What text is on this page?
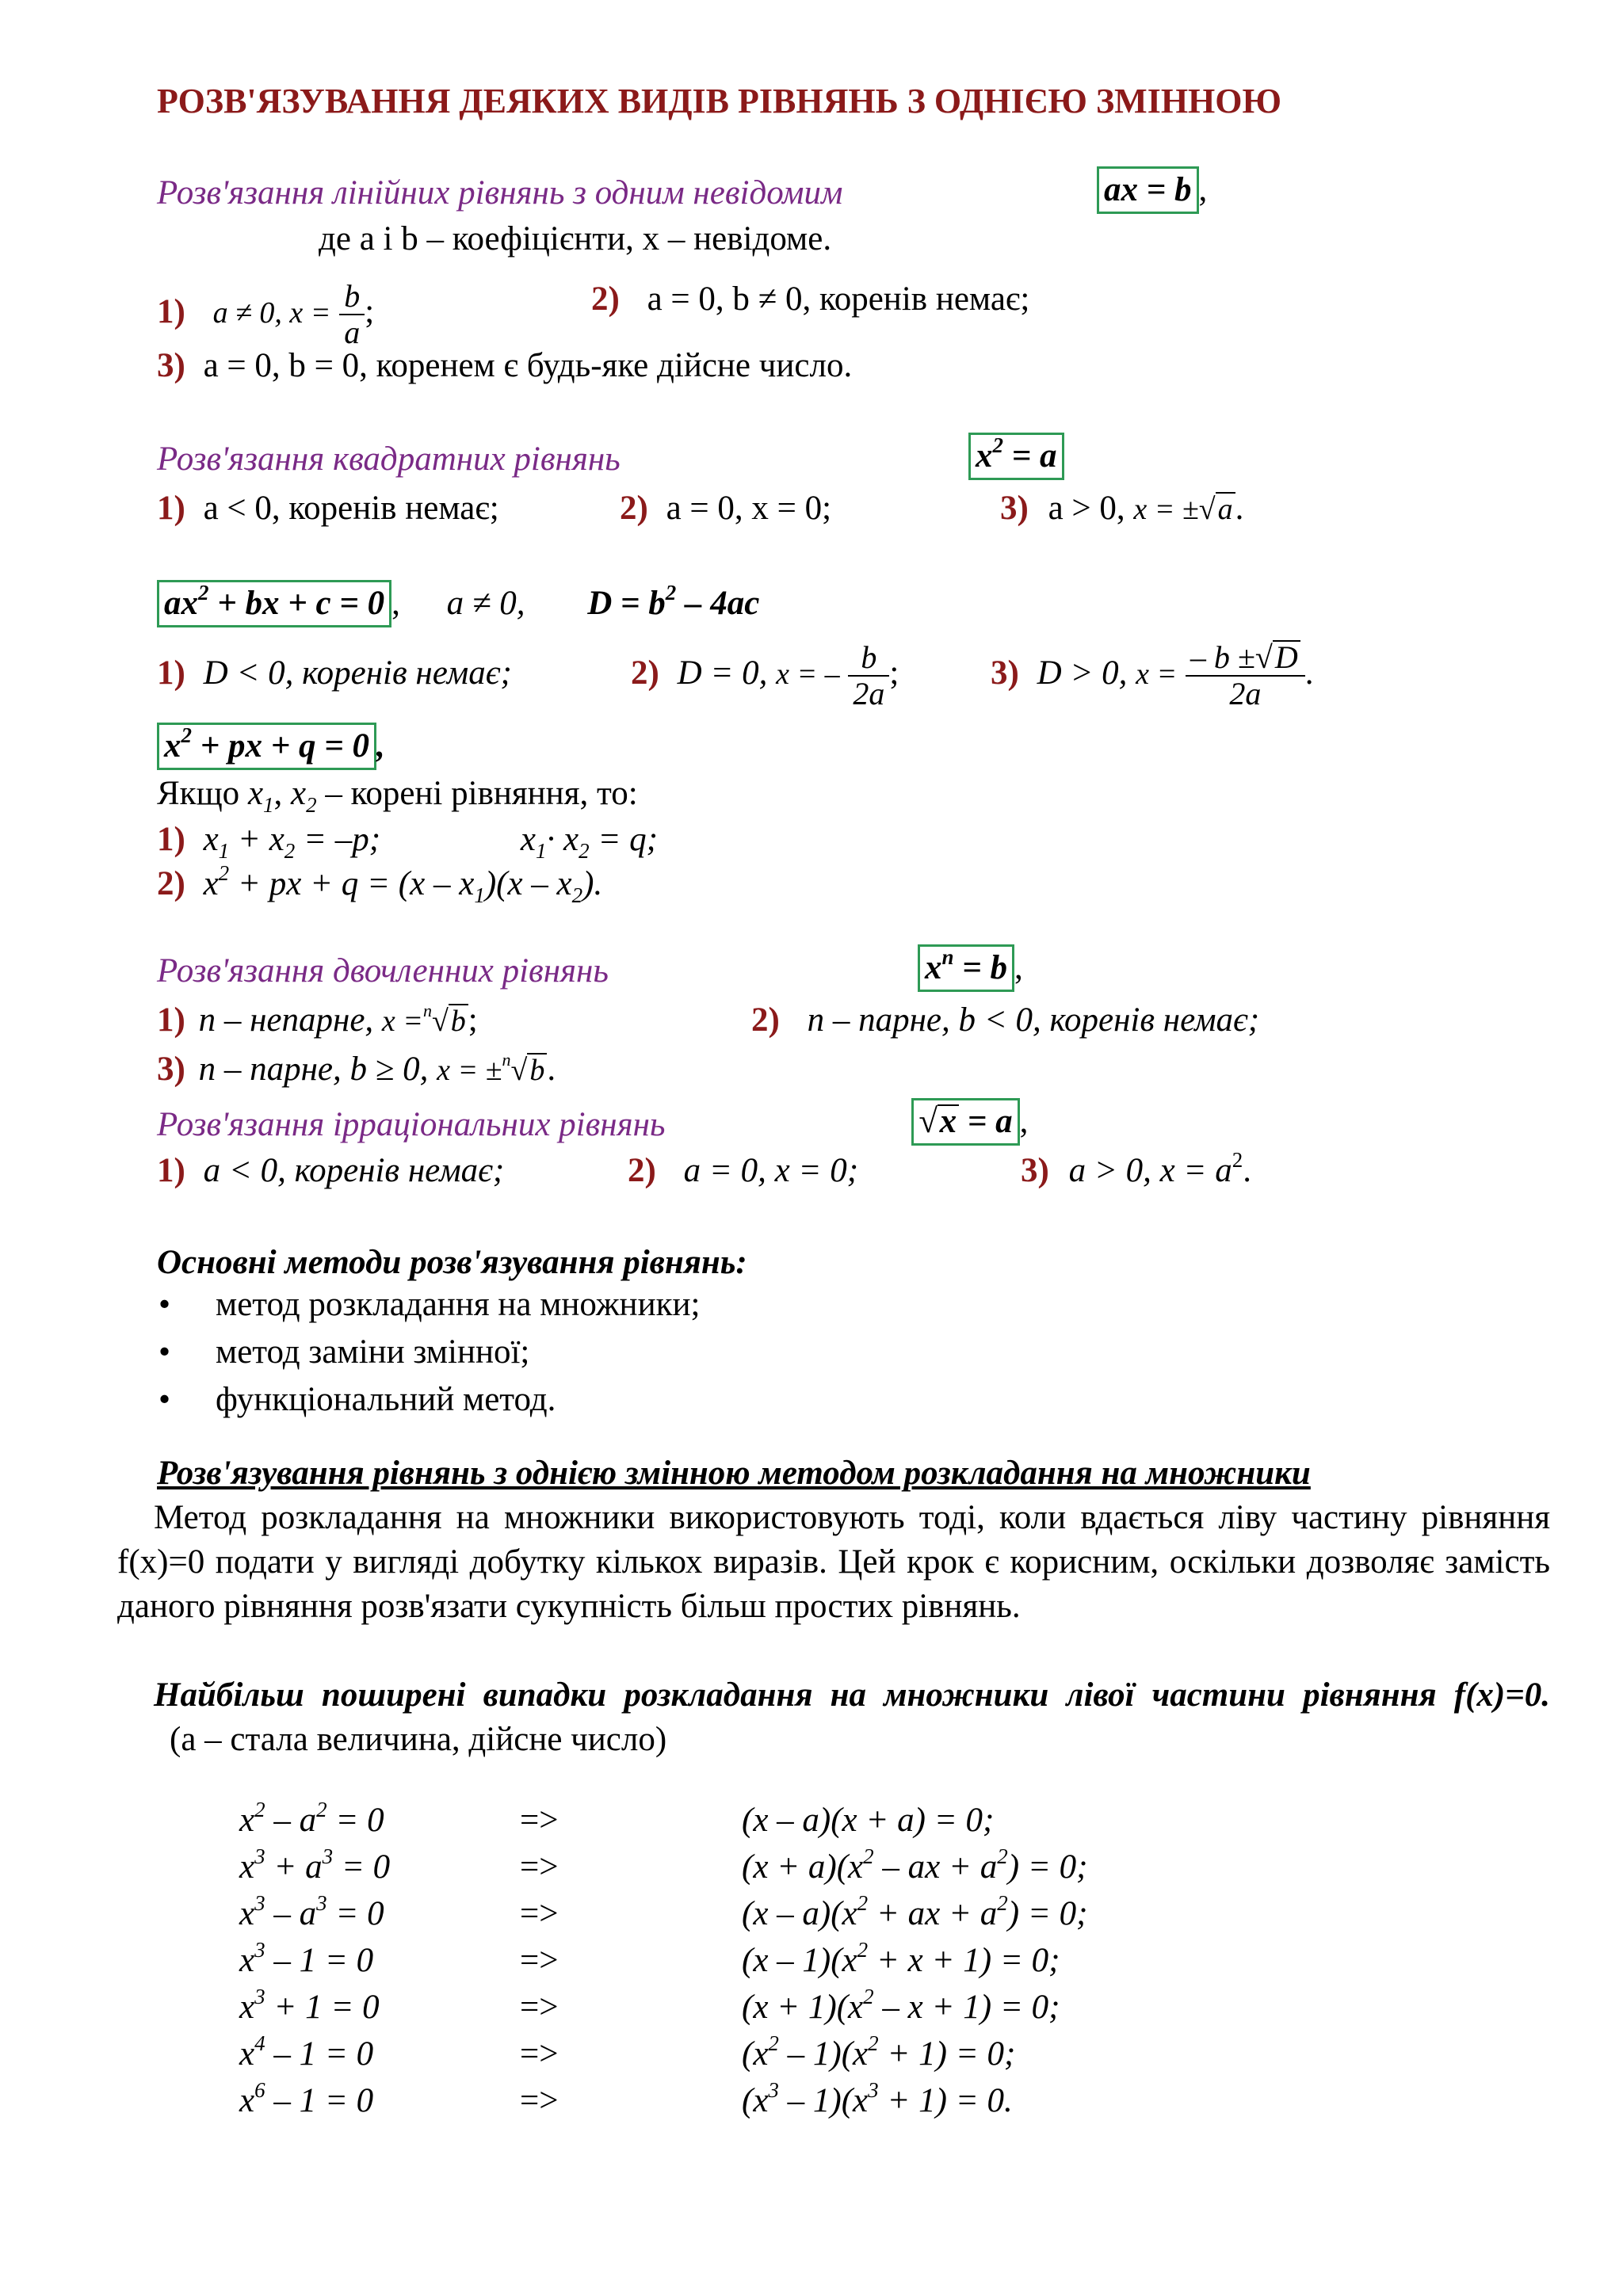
РОЗВ'ЯЗУВАННЯ ДЕЯКИХ ВИДІВ РІВНЯНЬ З ОДНІЄЮ ЗМІННОЮ
Розв'язання лінійних рівнянь з одним невідомим	ax = b ,
де a і b – коефіцієнти, x – невідоме.
1) a ≠ 0, $x = \frac{b}{a}$ ;	2) a = 0, b ≠ 0, коренів немає;
3) a = 0, b = 0, коренем є будь-яке дійсне число.
Розв'язання квадратних рівнянь	$x^2 = a$
1) a < 0, коренів немає;	2) a = 0, x = 0;	3) a > 0, x = ±√a.
$ax^2$ + bx + c = 0 , a ≠ 0, $D = b^2 - 4ac$
1) D < 0, коренів немає;	2) D = 0, x = – $\frac{b}{2a}$ ;	3) D > 0, $x = \frac{- b \pm√D}{2a}$ .
$x^2$ + px + q = 0 ,
Якщо $x_1$, $x_2$ – корені рівняння, то:
1) $x_1 + x_2 = -p$;	$x_1\cdot x_2 = q$;
2) $x^2$ + px + $q = (x - x_1)(x - x_2)$.
Розв'язання двочленних рівнянь	$x^n = b$ ,
1) n – непарне, x =$^n$√b;	2) n – парне, b < 0, коренів немає;
3) n – парне, b ≥ 0, x = ±$^n$√b.
Розв'язання ірраціональних рівнянь	√x = a ,
1) a < 0, коренів немає;	2) a = 0, x = 0;	3) a > 0, $x = a^2$.
Основні методи розв'язування рівнянь:
• метод розкладання на множники;
• метод заміни змінної;
• функціональний метод.
Розв'язування рівнянь з однією змінною методом розкладання на множники
Метод розкладання на множники використовують тоді, коли вдається ліву частину рівняння f(x)=0 подати у вигляді добутку кількох виразів. Цей крок є корисним, оскільки дозволяє замість даного рівняння розв'язати сукупність більш простих рівнянь.
Найбільш поширені випадки розкладання на множники лівої частини рівняння f(x)=0. (a – стала величина, дійсне число)
$x^2 - a^2 = 0$	=>	(x – a)(x + a) = 0;
$x^3 + a^3 = 0$	=>	$(x + a)(x^2$ – ax + $a^2) = 0$;
$x^3 - a^3 = 0$	=>	$(x - a)(x^2$ + ax + $a^2) = 0$;
$x^3 - 1 = 0$	=>	$(x - 1)(x^2 + x + 1) = 0$;
$x^3 + 1 = 0$	=>	$(x + 1)(x^2 - x + 1) = 0$;
$x^4 - 1 = 0$	=>	$(x^2 - 1)(x^2 + 1) = 0$;
$x^6 - 1 = 0$	=>	$(x^3 - 1)(x^3 + 1) = 0$.
